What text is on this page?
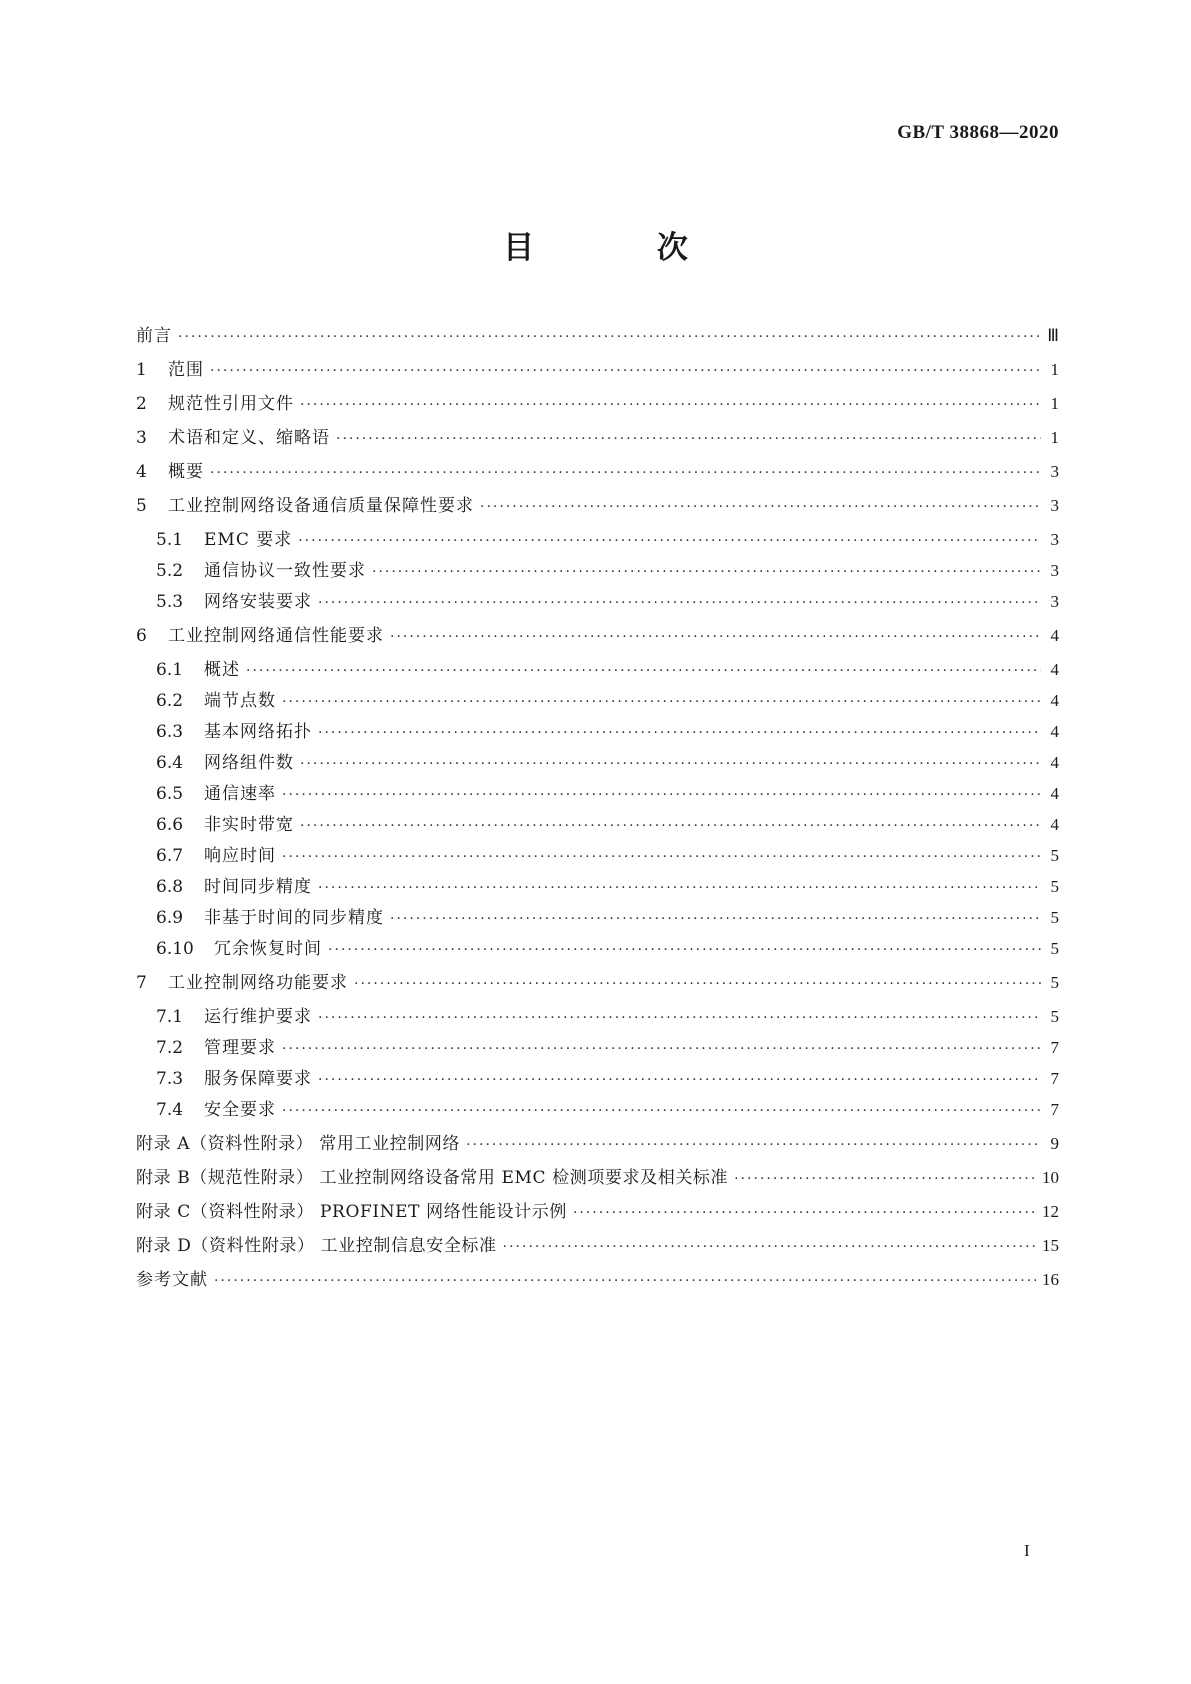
GB/T 38868—2020
目 次
前言 ·····	Ⅲ
1	范围 ·····	1
2	规范性引用文件 ·····	1
3	术语和定义、缩略语 ·····	1
4	概要 ·····	3
5	工业控制网络设备通信质量保障性要求 ·····	3
5.1	EMC 要求 ·····	3
5.2	通信协议一致性要求 ·····	3
5.3	网络安装要求 ·····	3
6	工业控制网络通信性能要求 ·····	4
6.1	概述 ·····	4
6.2	端节点数 ·····	4
6.3	基本网络拓扑 ·····	4
6.4	网络组件数 ·····	4
6.5	通信速率 ·····	4
6.6	非实时带宽 ·····	4
6.7	响应时间 ·····	5
6.8	时间同步精度 ·····	5
6.9	非基于时间的同步精度 ·····	5
6.10	冗余恢复时间 ·····	5
7	工业控制网络功能要求 ·····	5
7.1	运行维护要求 ·····	5
7.2	管理要求 ·····	7
7.3	服务保障要求 ·····	7
7.4	安全要求 ·····	7
附录 A（资料性附录） 常用工业控制网络 ·····	9
附录 B（规范性附录） 工业控制网络设备常用 EMC 检测项要求及相关标准 ·····	10
附录 C（资料性附录） PROFINET 网络性能设计示例 ·····	12
附录 D（资料性附录） 工业控制信息安全标准 ·····	15
参考文献 ·····	16
I
